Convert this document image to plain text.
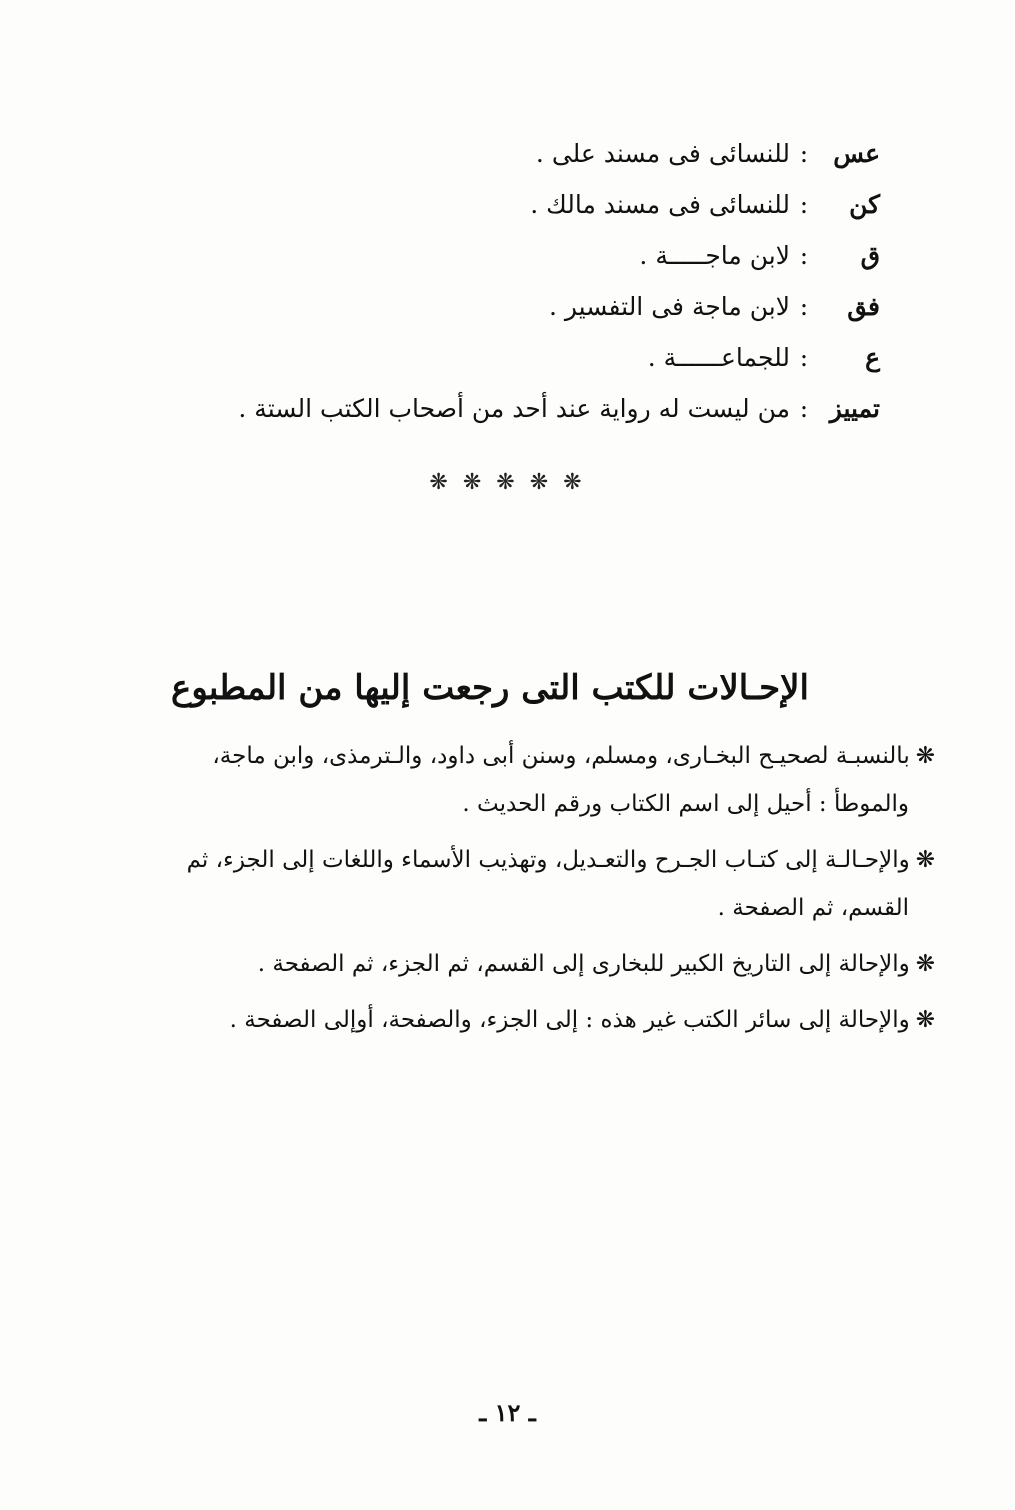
عس
:
للنسائى فى مسند على .
كن
:
للنسائى فى مسند مالك .
ق
:
لابن ماجـــــة .
فق
:
لابن ماجة فى التفسير .
ع
:
للجماعــــــة .
تمييز
:
من ليست له رواية عند أحد من أصحاب الكتب الستة .
❋ ❋ ❋ ❋ ❋
الإحـالات للكتب التى رجعت إليها من المطبوع
❋بالنسبـة لصحيـح البخـارى، ومسلم، وسنن أبى داود، والـترمذى، وابن ماجة،
والموطأ : أحيل إلى اسم الكتاب ورقم الحديث .
❋والإحـالـة إلى كتـاب الجـرح والتعـديل، وتهذيب الأسماء واللغات إلى الجزء، ثم
القسم، ثم الصفحة .
❋والإحالة إلى التاريخ الكبير للبخارى إلى القسم، ثم الجزء، ثم الصفحة .
❋والإحالة إلى سائر الكتب غير هذه : إلى الجزء، والصفحة، أوإلى الصفحة .
ـ ١٢ ـ
